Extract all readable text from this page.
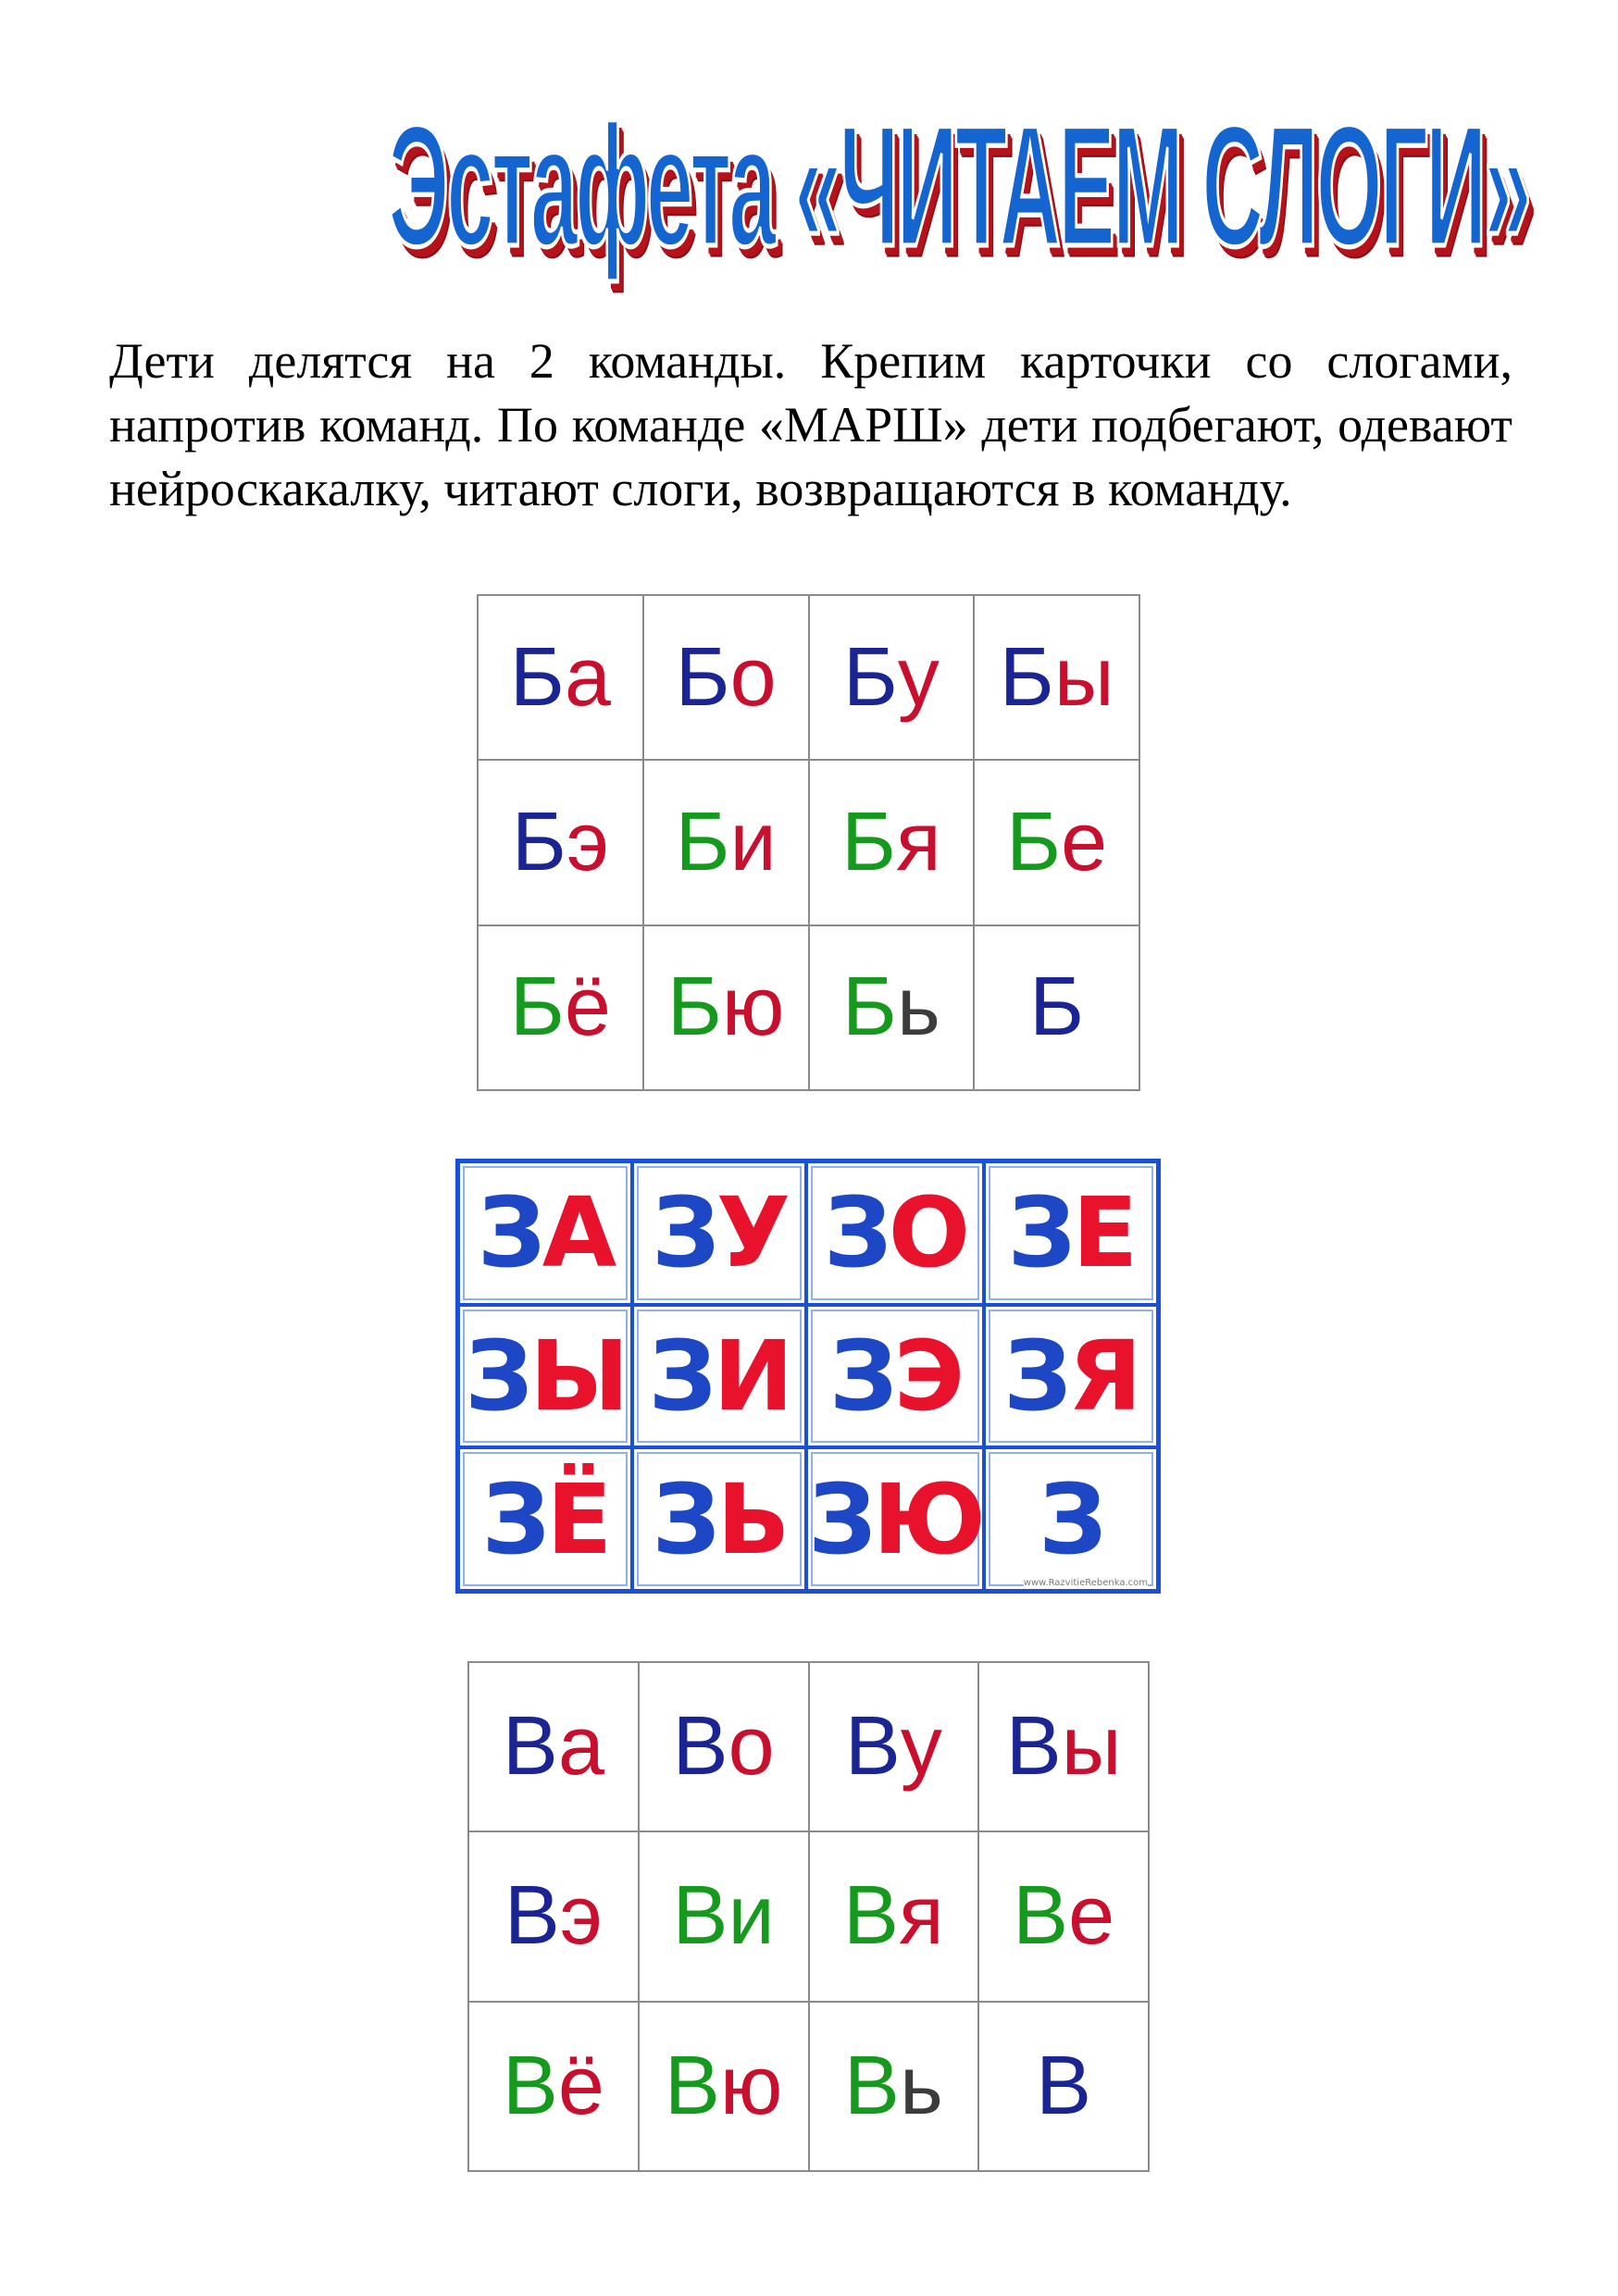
Эстафета «ЧИТАЕМ СЛОГИ»

Дети делятся на 2 команды. Крепим карточки со слогами, напротив команд. По команде «МАРШ» дети подбегают, одевают нейроскакалку, читают слоги, возвращаются в команду.

Б а Б о Б у Б ы
Б э Б и Б я Б е
Б ё Б ю Б ь Б
З А З У З О З Е
З Ы З И З Э З Я
З Ё З Ь З Ю З
www.RazvitieRebenka.com
В а В о В у В ы
В э В и В я В е
В ё В ю В ь В
